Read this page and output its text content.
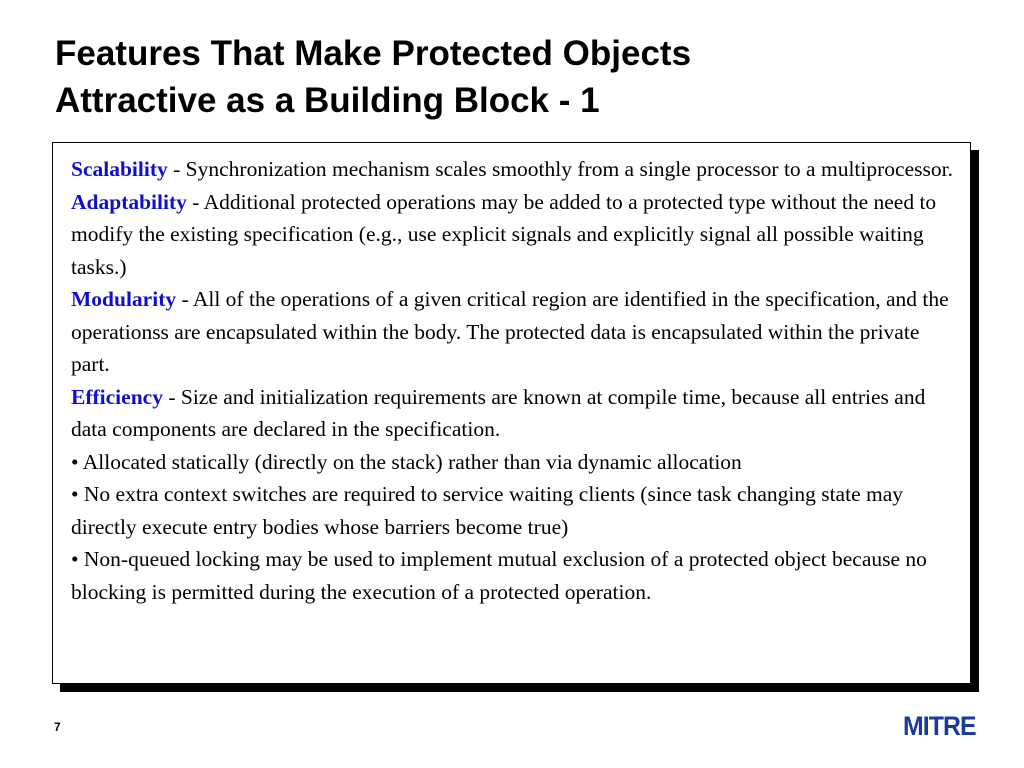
Features That Make Protected Objects
Attractive as a Building Block - 1

Scalability - Synchronization mechanism scales smoothly from a single processor to a multiprocessor.

Adaptability - Additional protected operations may be added to a protected type without the need to modify the existing specification (e.g., use explicit signals and explicitly signal all possible waiting tasks.)

Modularity - All of the operations of a given critical region are identified in the specification, and the operationss are encapsulated within the body. The protected data is encapsulated within the private part.

Efficiency - Size and initialization requirements are known at compile time, because all entries and data components are declared in the specification.

• Allocated statically (directly on the stack) rather than via dynamic allocation

• No extra context switches are required to service waiting clients (since task changing state may directly execute entry bodies whose barriers become true)

• Non-queued locking may be used to implement mutual exclusion of a protected object because no blocking is permitted during the execution of a protected operation.

7	MITRE
